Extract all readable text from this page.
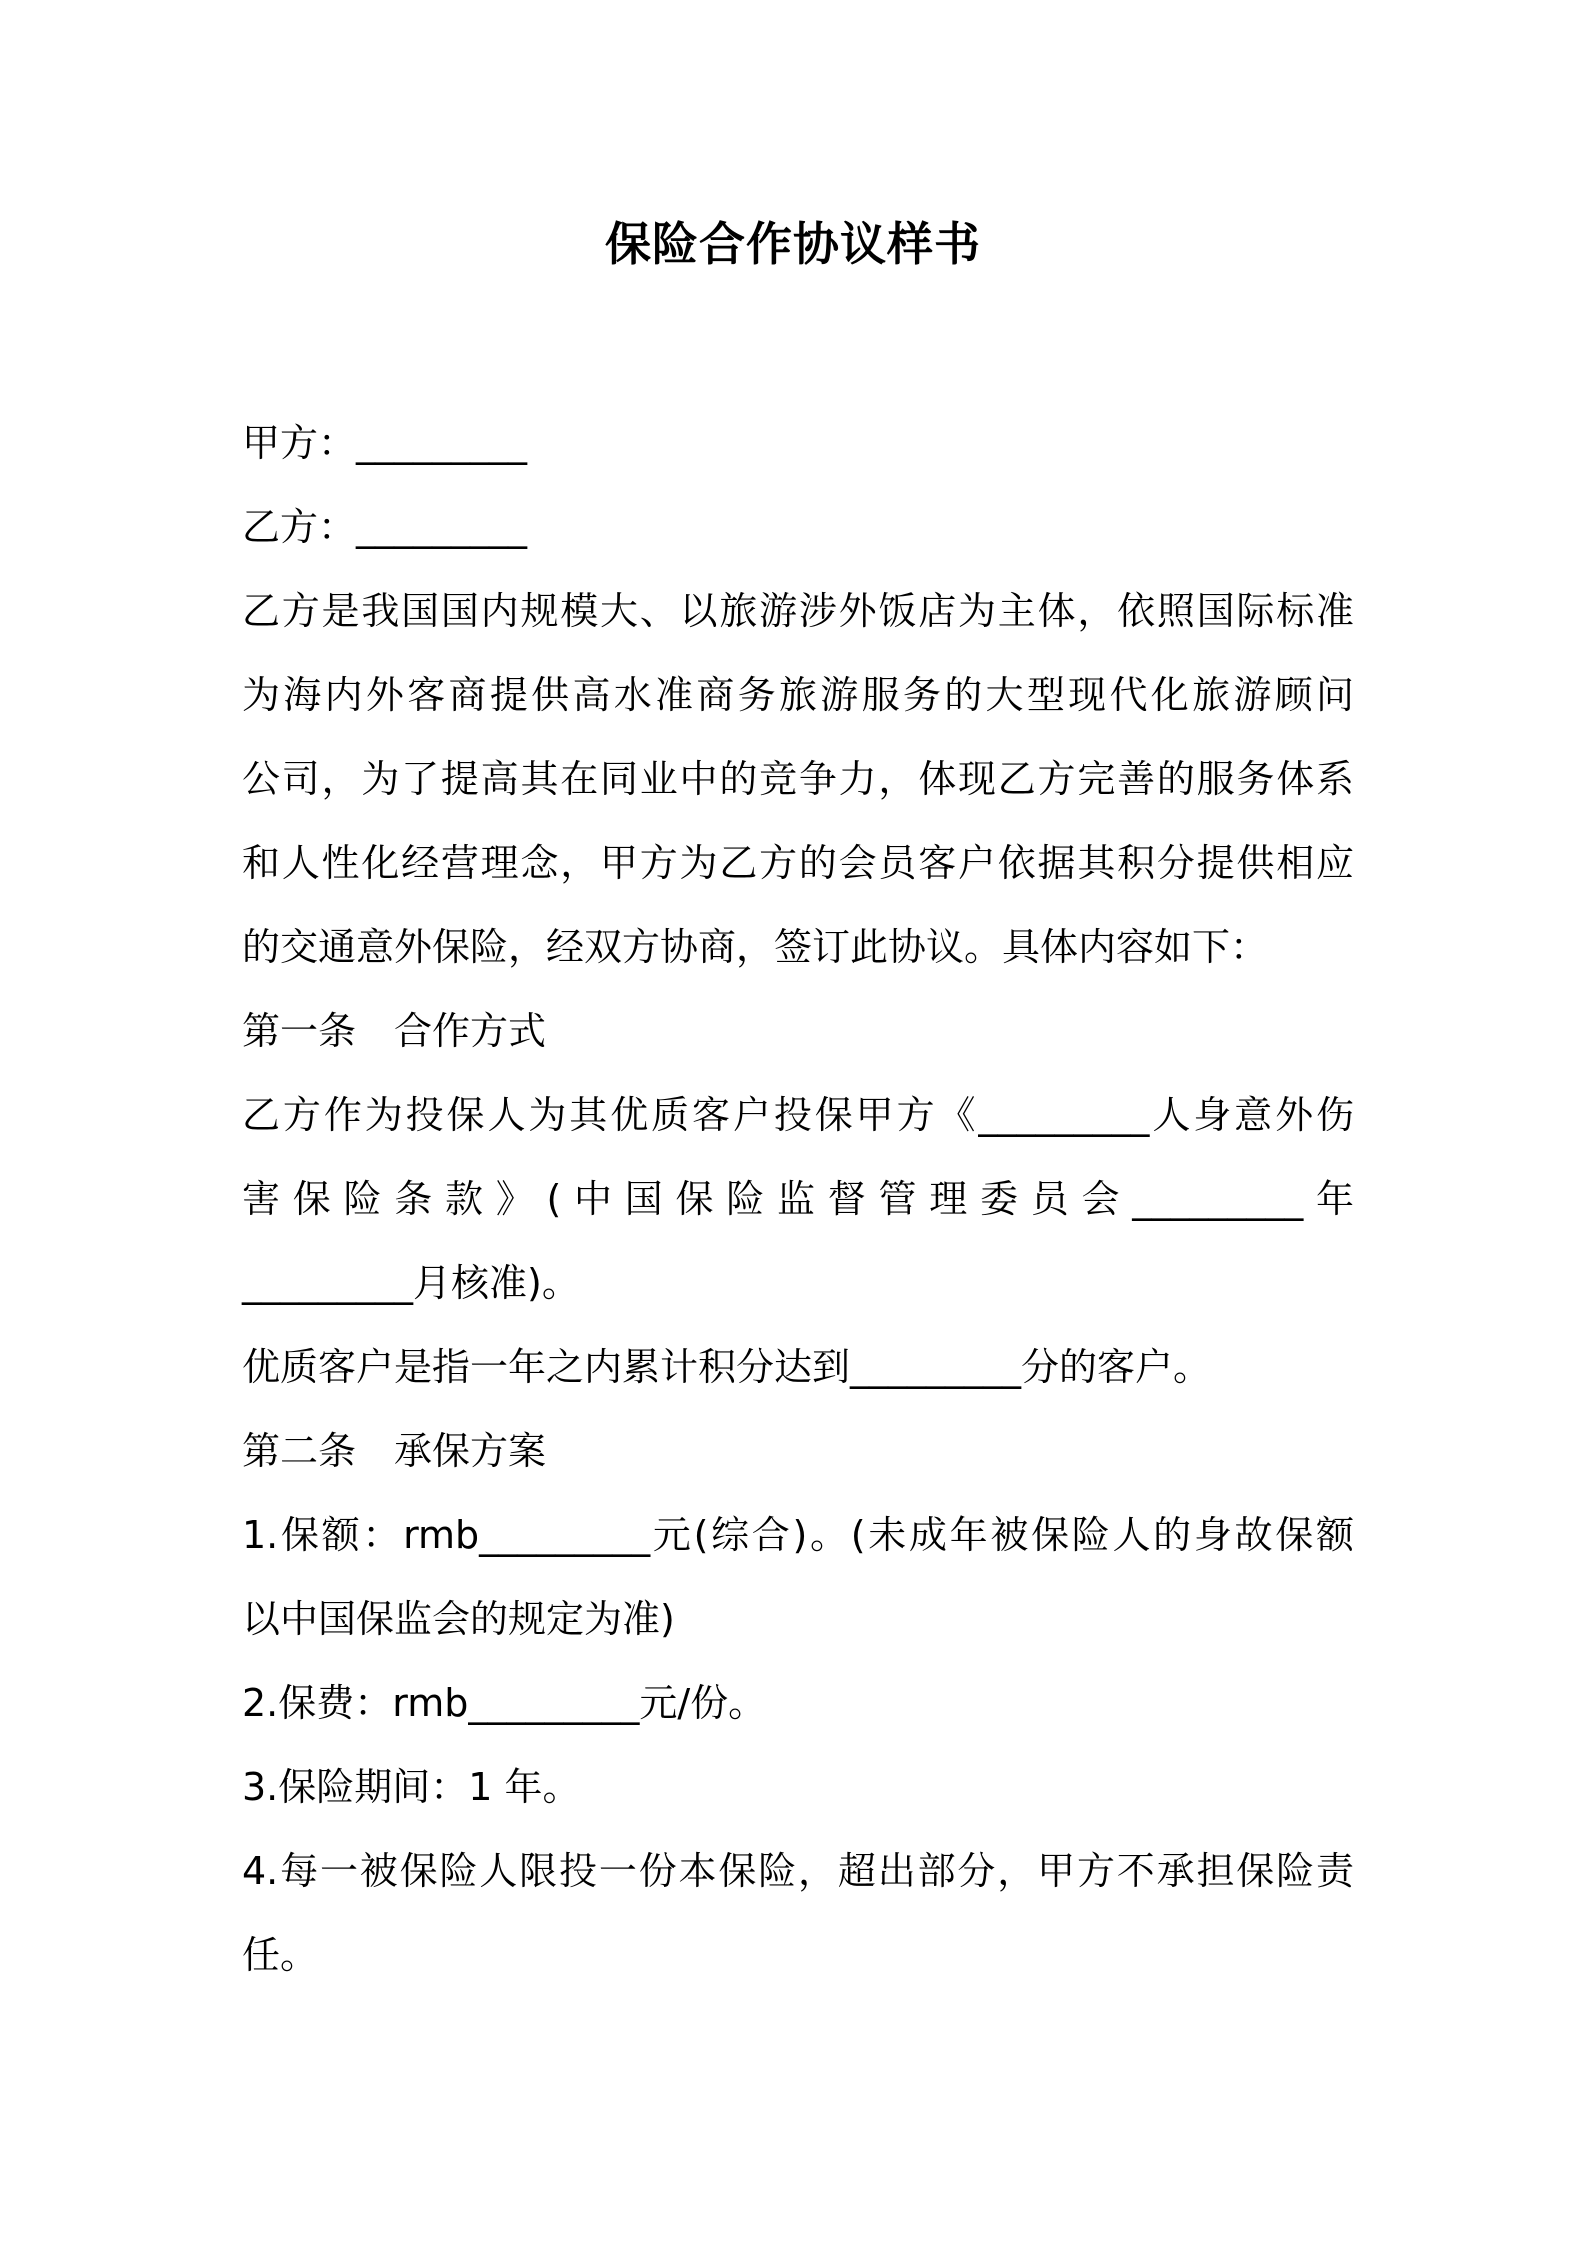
保险合作协议样书
甲方：_________
乙方：_________
乙方是我国国内规模大、以旅游涉外饭店为主体，依照国际标准
为海内外客商提供高水准商务旅游服务的大型现代化旅游顾问
公司，为了提高其在同业中的竞争力，体现乙方完善的服务体系
和人性化经营理念，甲方为乙方的会员客户依据其积分提供相应
的交通意外保险，经双方协商，签订此协议。具体内容如下：
第一条　合作方式
乙方作为投保人为其优质客户投保甲方《_________人身意外伤
害保险条款》(中国保险监督管理委员会_________年
_________月核准)。
优质客户是指一年之内累计积分达到_________分的客户。
第二条　承保方案
1.保额：rmb_________元(综合)。(未成年被保险人的身故保额
以中国保监会的规定为准)
2.保费：rmb_________元/份。
3.保险期间：1 年。
4.每一被保险人限投一份本保险，超出部分，甲方不承担保险责
任。
